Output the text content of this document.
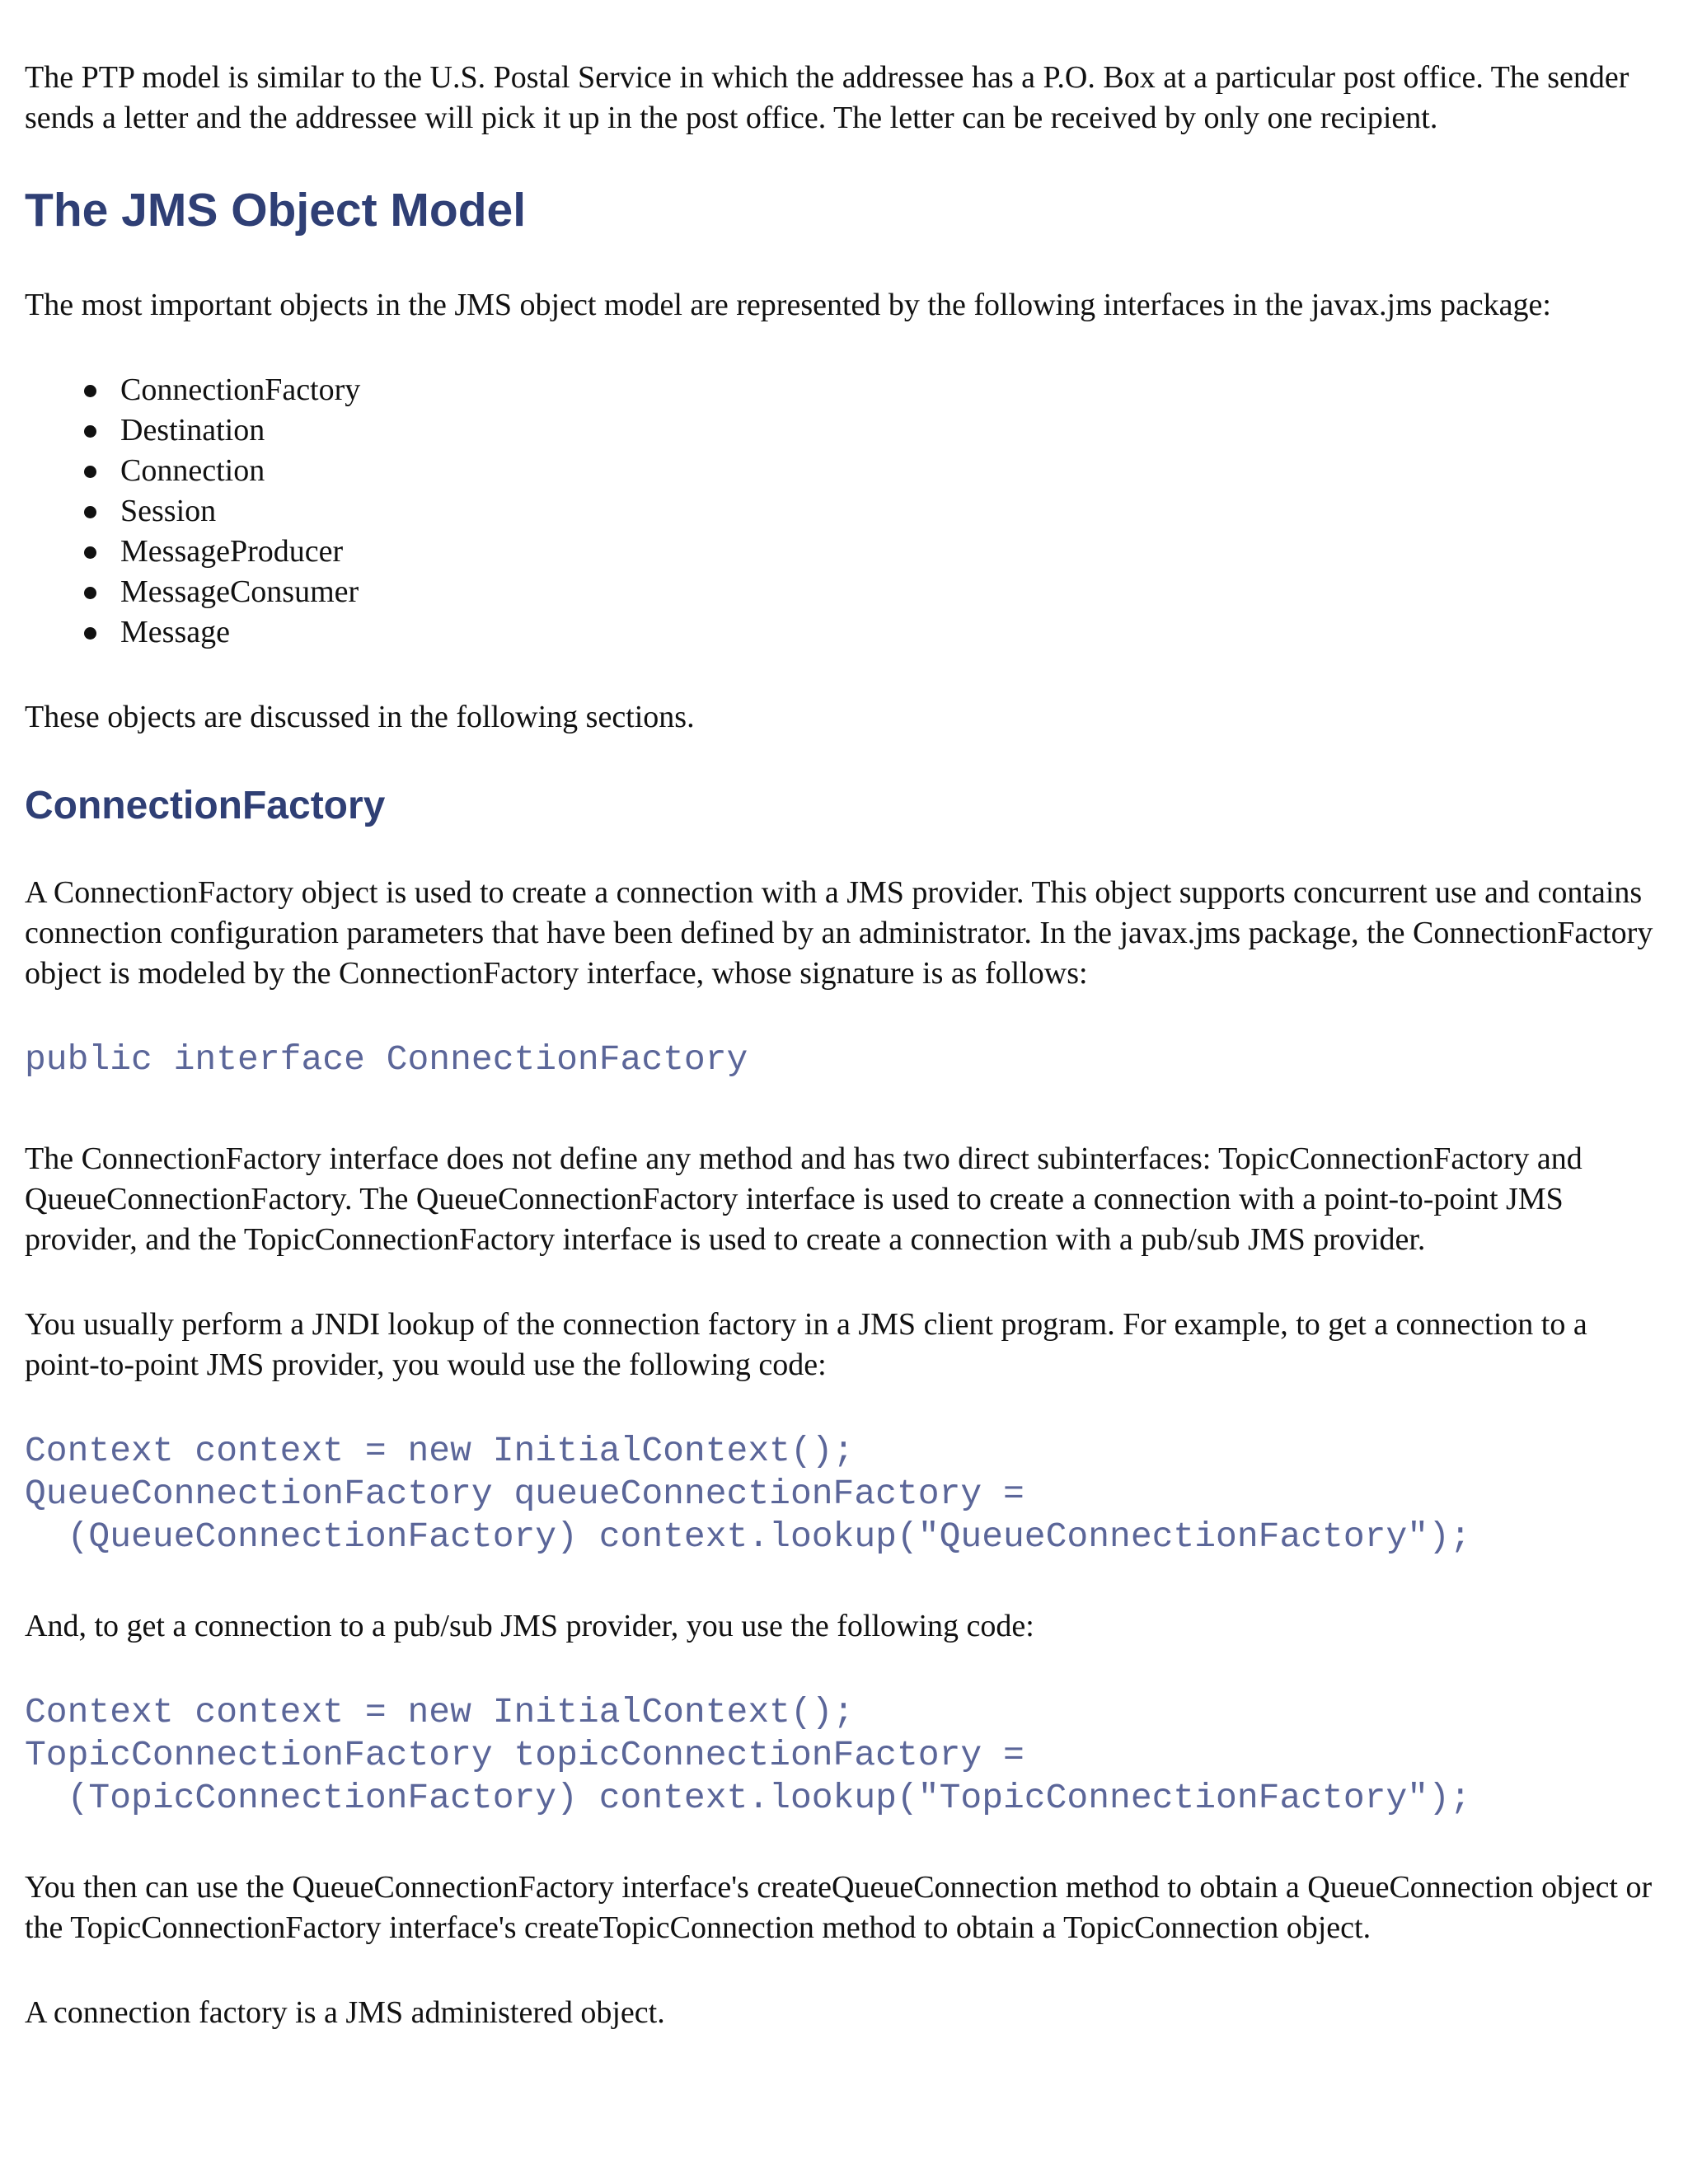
The PTP model is similar to the U.S. Postal Service in which the addressee has a P.O. Box at a particular post office. The sender sends a letter and the addressee will pick it up in the post office. The letter can be received by only one recipient.

The JMS Object Model

The most important objects in the JMS object model are represented by the following interfaces in the javax.jms package:

ConnectionFactory
Destination
Connection
Session
MessageProducer
MessageConsumer
Message

These objects are discussed in the following sections.

ConnectionFactory

A ConnectionFactory object is used to create a connection with a JMS provider. This object supports concurrent use and contains connection configuration parameters that have been defined by an administrator. In the javax.jms package, the ConnectionFactory object is modeled by the ConnectionFactory interface, whose signature is as follows:

public interface ConnectionFactory

The ConnectionFactory interface does not define any method and has two direct subinterfaces: TopicConnectionFactory and QueueConnectionFactory. The QueueConnectionFactory interface is used to create a connection with a point-to-point JMS provider, and the TopicConnectionFactory interface is used to create a connection with a pub/sub JMS provider.

You usually perform a JNDI lookup of the connection factory in a JMS client program. For example, to get a connection to a point-to-point JMS provider, you would use the following code:

Context context = new InitialContext();
QueueConnectionFactory queueConnectionFactory =
(QueueConnectionFactory) context.lookup("QueueConnectionFactory");

And, to get a connection to a pub/sub JMS provider, you use the following code:

Context context = new InitialContext();
TopicConnectionFactory topicConnectionFactory =
(TopicConnectionFactory) context.lookup("TopicConnectionFactory");

You then can use the QueueConnectionFactory interface's createQueueConnection method to obtain a QueueConnection object or the TopicConnectionFactory interface's createTopicConnection method to obtain a TopicConnection object.

A connection factory is a JMS administered object.
